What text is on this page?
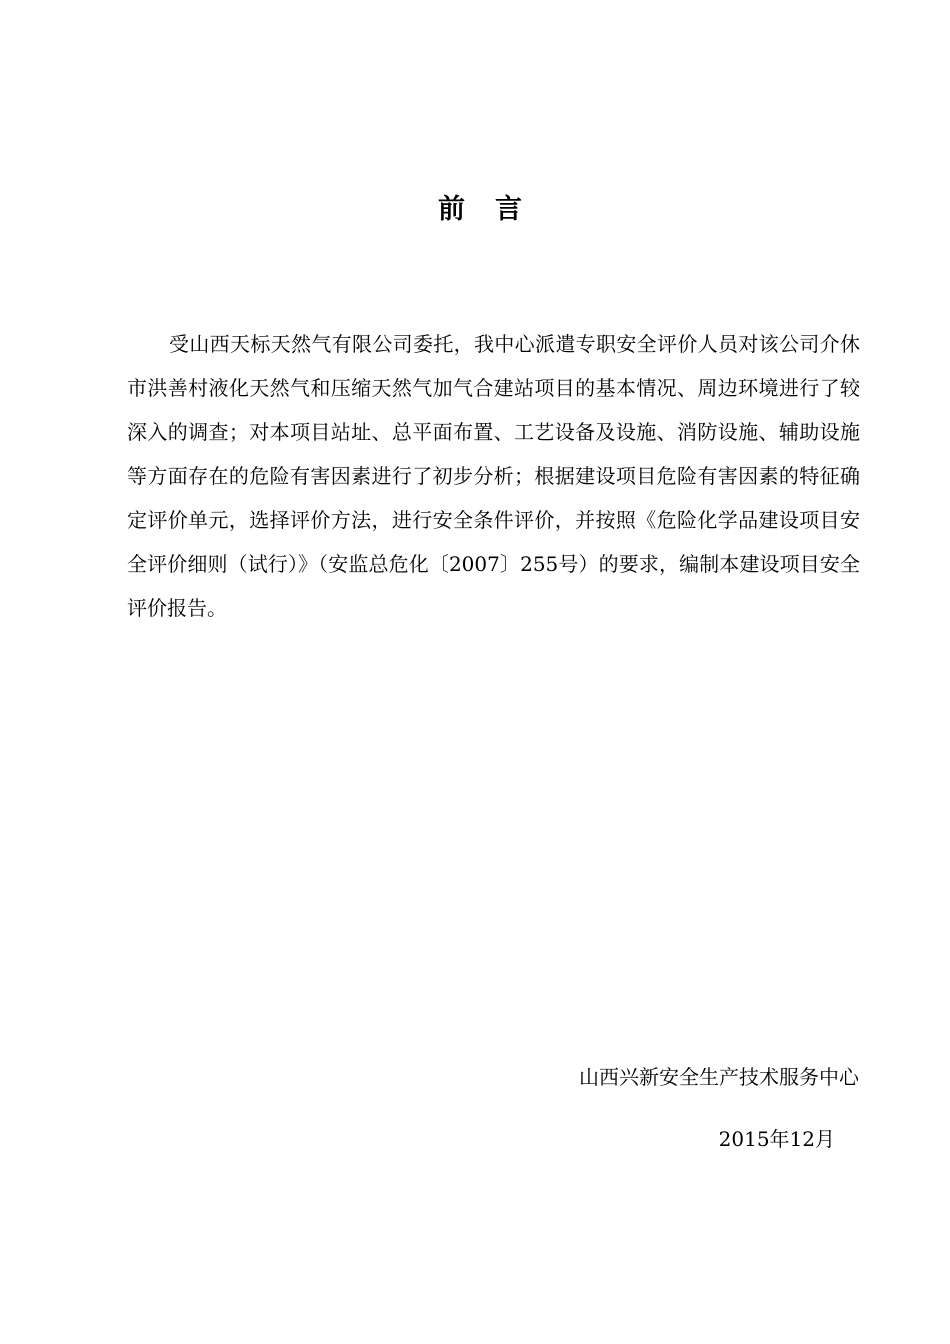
前言

受山西天标天然气有限公司委托，我中心派遣专职安全评价人员对该公司介休市洪善村液化天然气和压缩天然气加气合建站项目的基本情况、周边环境进行了较深入的调查；对本项目站址、总平面布置、工艺设备及设施、消防设施、辅助设施等方面存在的危险有害因素进行了初步分析；根据建设项目危险有害因素的特征确定评价单元，选择评价方法，进行安全条件评价，并按照《危险化学品建设项目安全评价细则（试行）》（安监总危化〔2007〕255号）的要求，编制本建设项目安全评价报告。

山西兴新安全生产技术服务中心
2015年12月
